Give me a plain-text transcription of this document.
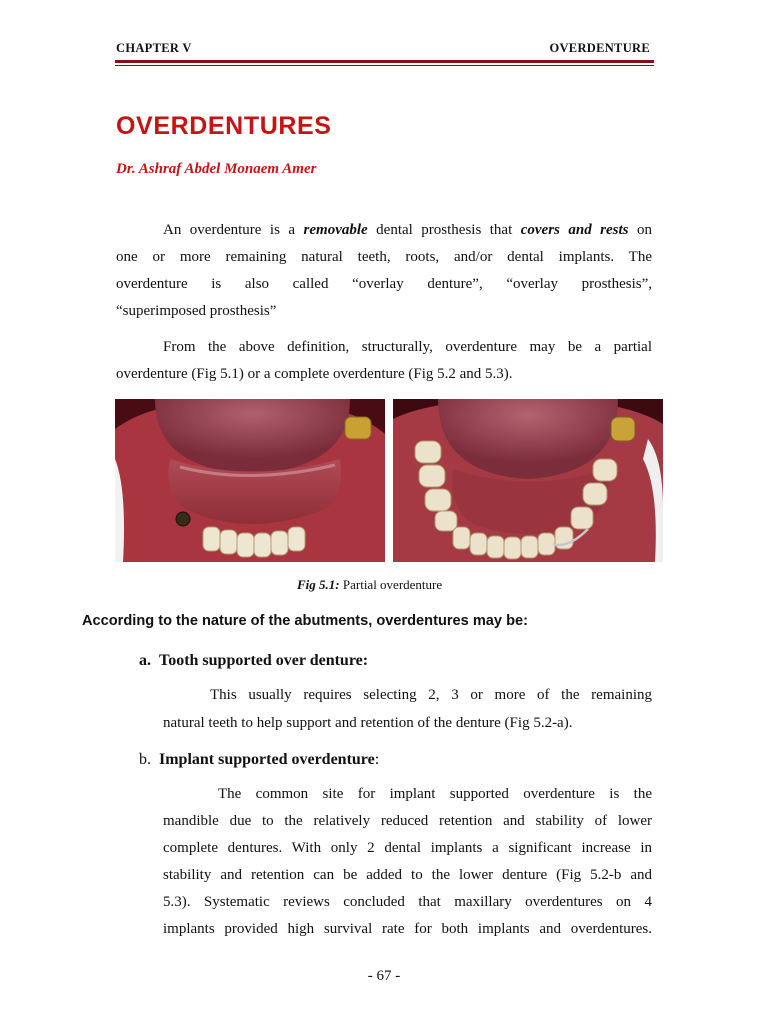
CHAPTER V	OVERDENTURE
OVERDENTURES
Dr. Ashraf Abdel Monaem Amer
An overdenture is a removable dental prosthesis that covers and rests on
one or more remaining natural teeth, roots, and/or dental implants. The
overdenture is also called “overlay denture”, “overlay prosthesis”,
“superimposed prosthesis”
From the above definition, structurally, overdenture may be a partial
overdenture (Fig 5.1) or a complete overdenture (Fig 5.2 and 5.3).
Fig 5.1: Partial overdenture
According to the nature of the abutments, overdentures may be:
a. Tooth supported over denture:
This usually requires selecting 2, 3 or more of the remaining
natural teeth to help support and retention of the denture (Fig 5.2-a).
b. Implant supported overdenture:
The common site for implant supported overdenture is the
mandible due to the relatively reduced retention and stability of lower
complete dentures. With only 2 dental implants a significant increase in
stability and retention can be added to the lower denture (Fig 5.2-b and
5.3). Systematic reviews concluded that maxillary overdentures on 4
implants provided high survival rate for both implants and overdentures.
- 67 -
